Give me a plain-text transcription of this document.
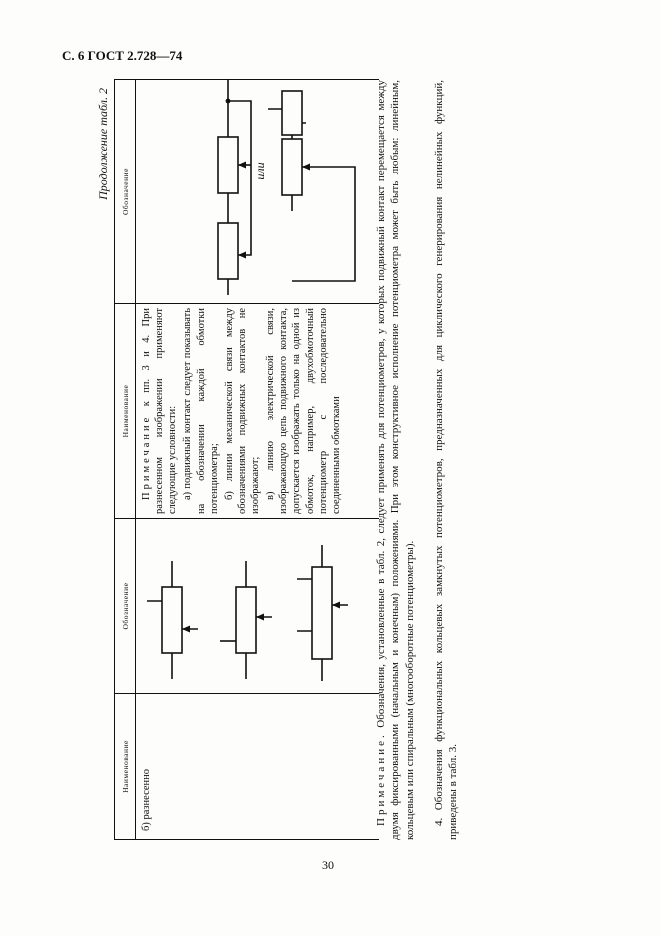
С. 6 ГОСТ 2.728—74
Продолжение табл. 2
Наименование	Обозначение	Наименование	Обозначение
б) разнесенно		Примечание к пп. 3 и 4. При разнесенном изображении применяют следующие условности: а) подвижный контакт следует показывать на обозначении каждой обмотки потенциометра; б) линии механической связи между обозначениями подвижных контактов не изображают; в) линию электрической связи, изображающую цепь подвижного контакта, допускается изображать только на одной из обмоток, например, двухобмоточный потенциометр с последовательно соединенными обмотками	или

Примечание. Обозначения, установленные в табл. 2, следует применять для потенциометров, у которых подвижный контакт перемещается между двумя фиксированными (начальным и конечным) положениями. При этом конструктивное исполнение потенциометра может быть любым: линейным, кольцевым или спиральным (многооборотные потенциометры). 4. Обозначения функциональных кольцевых замкнутых потенциометров, предназначенных для циклического генерирования нелинейных функций, приведены в табл. 3.

30
